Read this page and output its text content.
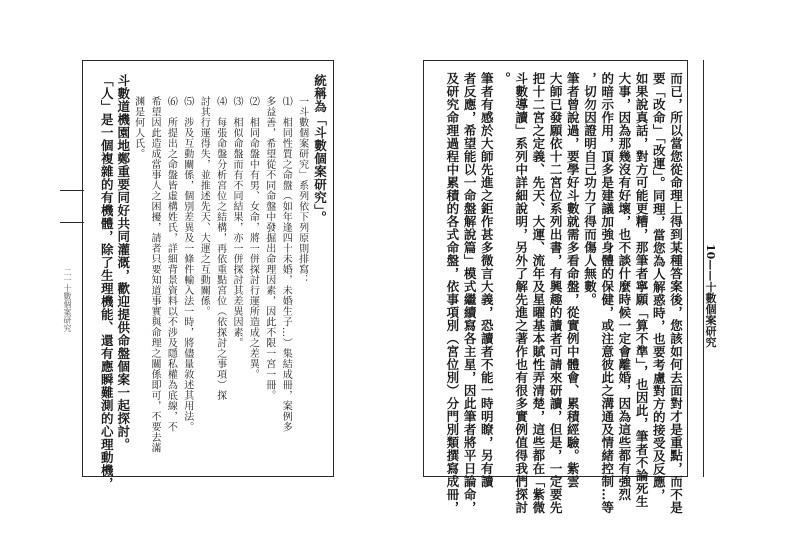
二一十數個案研究
統稱為「斗數個案研究」。
一斗數個案研究」系列依下列原則排寫：
⑴　相同性質之命盤（如年逢四十未婚，未婚生子…）集結成冊，案例多
多益善，希望從不同命盤中發掘出命理因素，因此不限一宮一冊。
⑵　相同命盤中有男、女命，將一併探討行運所造成之差異。
⑶　相似命盤而有不同結果，亦一併探討其差異因素。
⑷　每張命盤分析宮位之結構，再依重點宮位（依探討之事項）探
討其行運得失，並推述先天、大運之互動關係。
⑸　涉及互動關係，個別差異及一條件輸入法一時，將儘量敘述其用法。
⑹　所提出之命盤皆虛構姓氏，詳細背景資料以不涉及隱私權為底線，不
希望因此造成當事人之困擾，請者只要知道事實與命理之關係即可，不要去滿
渊是何人氏。
斗數道機園地鄭重要同好共同灌溉，歡迎提供命盤個案一起探討。
「人」是一個複雜的有機體，除了生理機能、還有應瞬難測的心理動機，	10——十數個案研究
而已，所以當您從命理上得到某種答案後，您該如何去面對才是重點，而不是
要「改命」「改運」。同理，當您為人解惑時，也要考慮對方的接受及反應，
如果說真話，對方可能更糟，那筆者寧願「算不準」，也因此，筆者不論死生
大事，因為那幾沒有好壞，也不談什麼時候一定會離婚，因為這些都有強烈
的暗示作用，頂多是建議加強身體的保健，或注意彼此之溝通及情緒控制…等
，切勿因證明自己功力了得而傷人無數。
筆者曾說過，要學好斗數就需多看命盤，從實例中體會、累積經驗。紫雲
大師已發願依十二宮位系列出書，有興趣的讀者可請來研讀，但是，一定要先
把十二宮之定義、先天、大運、流年及星曜基本賦性弄清楚，這些都在「紫微
斗數導讀」系列中詳細說明，另外了解先進之著作也有很多實例值得我們探討
。
筆者有感於大師先進之鉅作甚多微言大義，恐讀者不能一時明瞭，另有讀
者反應，希望能以一命盤解說篇」模式繼續寫各主星，因此筆者將平日論命，
及研究命理過程中累積的各式命盤，依事項別（宮位別）分門別類撰寫成冊，
